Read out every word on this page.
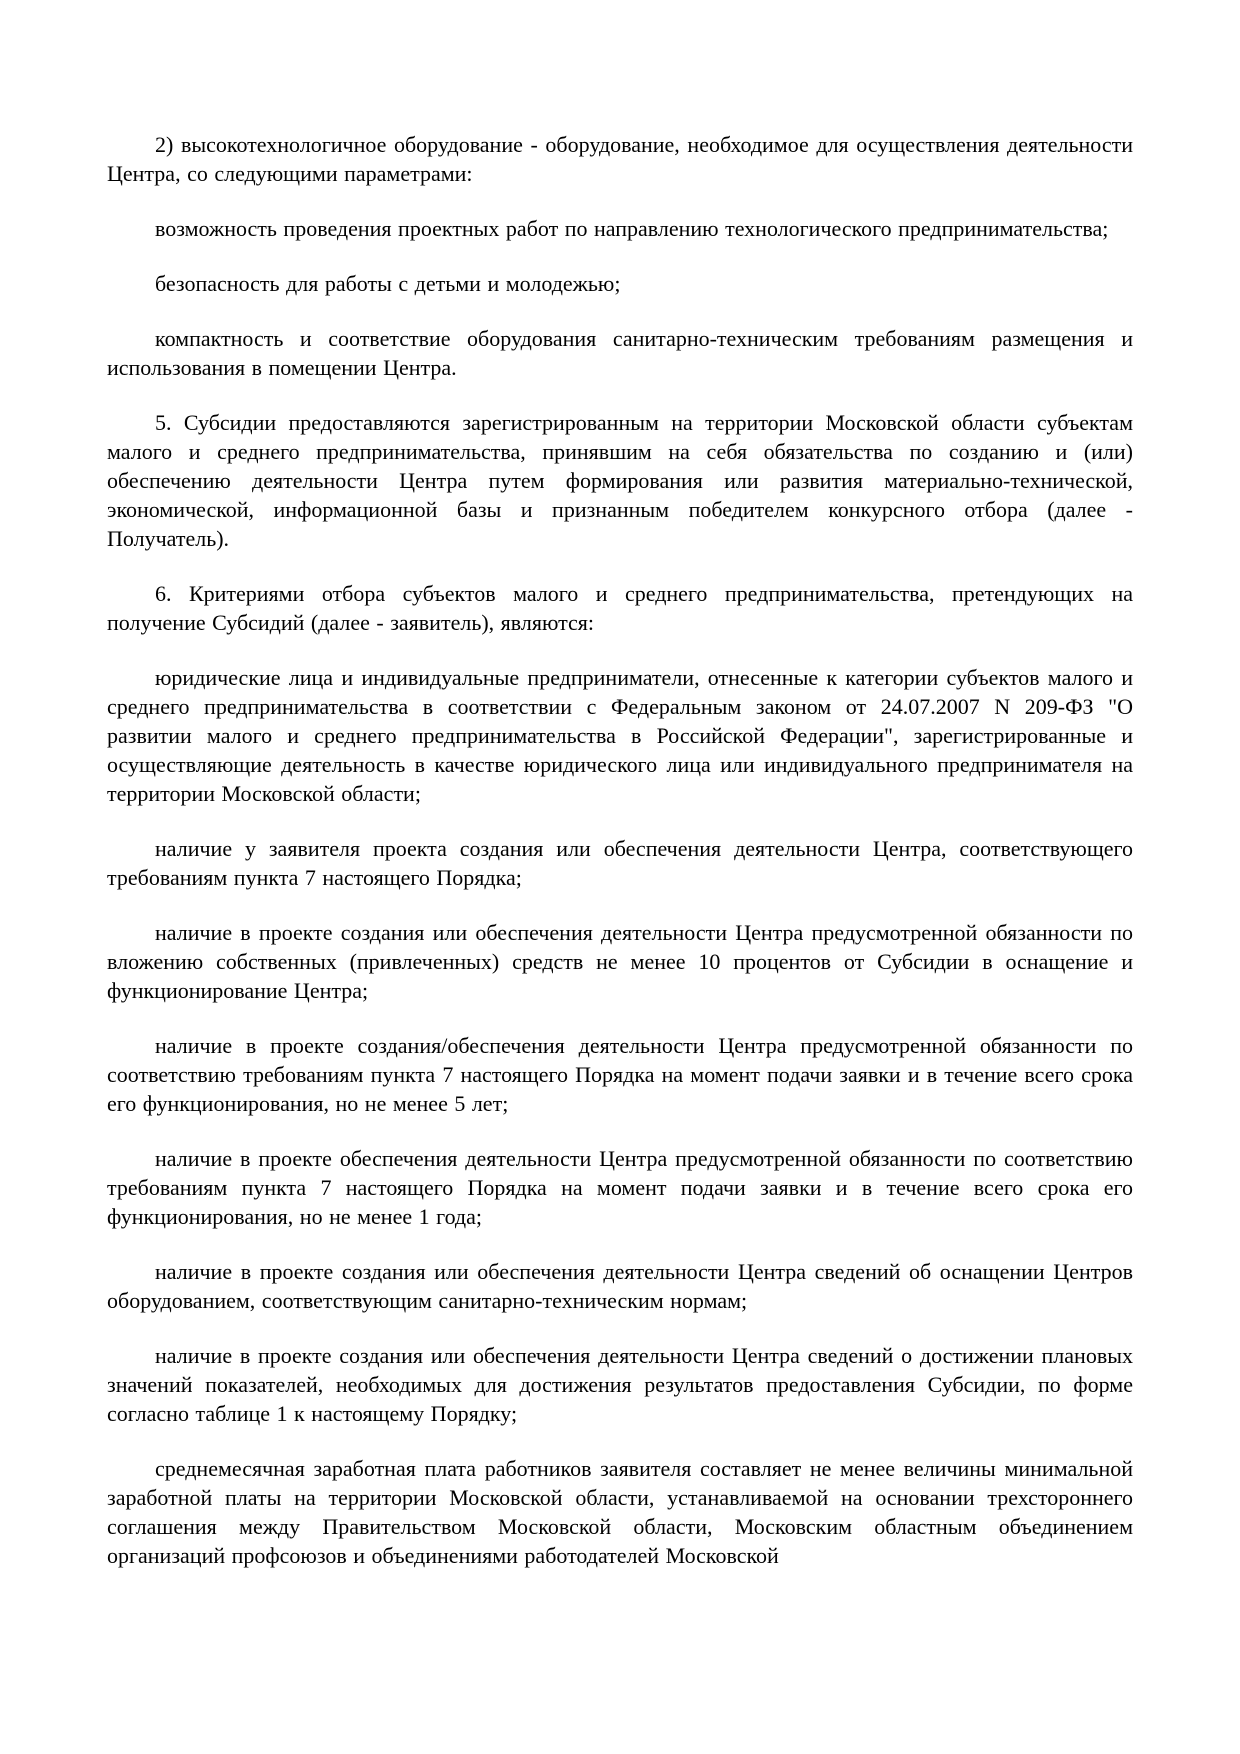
2) высокотехнологичное оборудование - оборудование, необходимое для осуществления деятельности Центра, со следующими параметрами:

возможность проведения проектных работ по направлению технологического предпринимательства;

безопасность для работы с детьми и молодежью;

компактность и соответствие оборудования санитарно-техническим требованиям размещения и использования в помещении Центра.

5. Субсидии предоставляются зарегистрированным на территории Московской области субъектам малого и среднего предпринимательства, принявшим на себя обязательства по созданию и (или) обеспечению деятельности Центра путем формирования или развития материально-технической, экономической, информационной базы и признанным победителем конкурсного отбора (далее - Получатель).

6. Критериями отбора субъектов малого и среднего предпринимательства, претендующих на получение Субсидий (далее - заявитель), являются:

юридические лица и индивидуальные предприниматели, отнесенные к категории субъектов малого и среднего предпринимательства в соответствии с Федеральным законом от 24.07.2007 N 209-ФЗ "О развитии малого и среднего предпринимательства в Российской Федерации", зарегистрированные и осуществляющие деятельность в качестве юридического лица или индивидуального предпринимателя на территории Московской области;

наличие у заявителя проекта создания или обеспечения деятельности Центра, соответствующего требованиям пункта 7 настоящего Порядка;

наличие в проекте создания или обеспечения деятельности Центра предусмотренной обязанности по вложению собственных (привлеченных) средств не менее 10 процентов от Субсидии в оснащение и функционирование Центра;

наличие в проекте создания/обеспечения деятельности Центра предусмотренной обязанности по соответствию требованиям пункта 7 настоящего Порядка на момент подачи заявки и в течение всего срока его функционирования, но не менее 5 лет;

наличие в проекте обеспечения деятельности Центра предусмотренной обязанности по соответствию требованиям пункта 7 настоящего Порядка на момент подачи заявки и в течение всего срока его функционирования, но не менее 1 года;

наличие в проекте создания или обеспечения деятельности Центра сведений об оснащении Центров оборудованием, соответствующим санитарно-техническим нормам;

наличие в проекте создания или обеспечения деятельности Центра сведений о достижении плановых значений показателей, необходимых для достижения результатов предоставления Субсидии, по форме согласно таблице 1 к настоящему Порядку;

среднемесячная заработная плата работников заявителя составляет не менее величины минимальной заработной платы на территории Московской области, устанавливаемой на основании трехстороннего соглашения между Правительством Московской области, Московским областным объединением организаций профсоюзов и объединениями работодателей Московской
